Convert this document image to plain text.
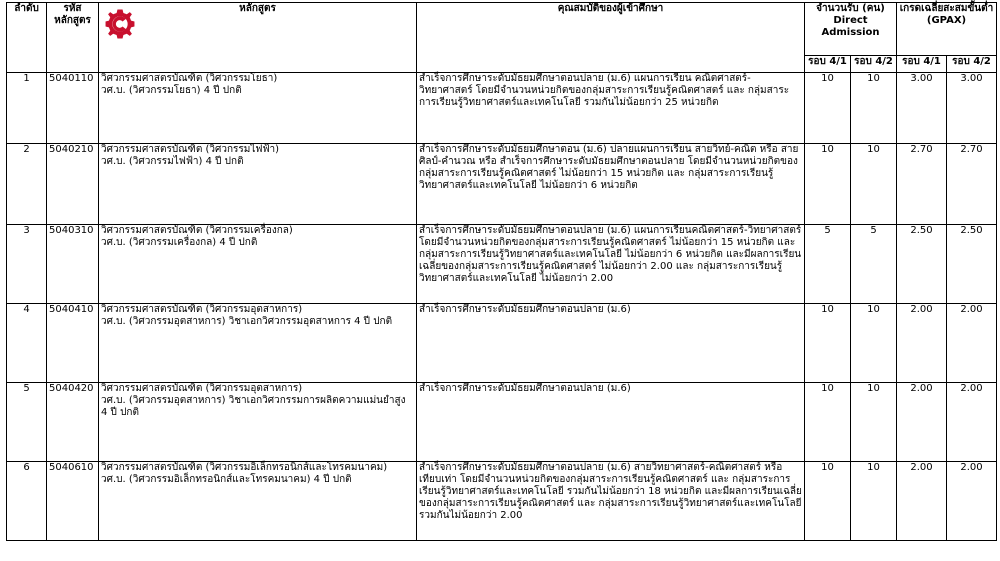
ลำดับ	รหัสหลักสูตร	หลักสูตร	คุณสมบัติของผู้เข้าศึกษา	จำนวนรับ (คน) Direct Admission		เกรดเฉลี่ยสะสมขั้นต่ำ (GPAX)	
				รอบ 4/1	รอบ 4/2	รอบ 4/1	รอบ 4/2
1	5040110	วิศวกรรมศาสตรบัณฑิต (วิศวกรรมโยธา)
วศ.บ. (วิศวกรรมโยธา) 4 ปี ปกติ	สำเร็จการศึกษาระดับมัธยมศึกษาตอนปลาย (ม.6) แผนการเรียน คณิตศาสตร์-วิทยาศาสตร์ โดยมีจำนวนหน่วยกิตของกลุ่มสาระการเรียนรู้คณิตศาสตร์ และ กลุ่มสาระการเรียนรู้วิทยาศาสตร์และเทคโนโลยี รวมกันไม่น้อยกว่า 25 หน่วยกิต	10	10	3.00	3.00
2	5040210	วิศวกรรมศาสตรบัณฑิต (วิศวกรรมไฟฟ้า)
วศ.บ. (วิศวกรรมไฟฟ้า) 4 ปี ปกติ	สำเร็จการศึกษาระดับมัธยมศึกษาตอน (ม.6) ปลายแผนการเรียน สายวิทย์-คณิต หรือ สายศิลป์-คำนวณ หรือ สำเร็จการศึกษาระดับมัธยมศึกษาตอนปลาย โดยมีจำนวนหน่วยกิตของกลุ่มสาระการเรียนรู้คณิตศาสตร์ ไม่น้อยกว่า 15 หน่วยกิต และ กลุ่มสาระการเรียนรู้วิทยาศาสตร์และเทคโนโลยี ไม่น้อยกว่า 6 หน่วยกิต	10	10	2.70	2.70
3	5040310	วิศวกรรมศาสตรบัณฑิต (วิศวกรรมเครื่องกล)
วศ.บ. (วิศวกรรมเครื่องกล) 4 ปี ปกติ	สำเร็จการศึกษาระดับมัธยมศึกษาตอนปลาย (ม.6) แผนการเรียนคณิตศาสตร์-วิทยาศาสตร์ โดยมีจำนวนหน่วยกิตของกลุ่มสาระการเรียนรู้คณิตศาสตร์ ไม่น้อยกว่า 15 หน่วยกิต และ กลุ่มสาระการเรียนรู้วิทยาศาสตร์และเทคโนโลยี ไม่น้อยกว่า 6 หน่วยกิต และมีผลการเรียนเฉลี่ยของกลุ่มสาระการเรียนรู้คณิตศาสตร์ ไม่น้อยกว่า 2.00 และ กลุ่มสาระการเรียนรู้วิทยาศาสตร์และเทคโนโลยี ไม่น้อยกว่า 2.00	5	5	2.50	2.50
4	5040410	วิศวกรรมศาสตรบัณฑิต (วิศวกรรมอุตสาหการ)
วศ.บ. (วิศวกรรมอุตสาหการ) วิชาเอกวิศวกรรมอุตสาหการ 4 ปี ปกติ	สำเร็จการศึกษาระดับมัธยมศึกษาตอนปลาย (ม.6)	10	10	2.00	2.00
5	5040420	วิศวกรรมศาสตรบัณฑิต (วิศวกรรมอุตสาหการ)
วศ.บ. (วิศวกรรมอุตสาหการ) วิชาเอกวิศวกรรมการผลิตความแม่นยำสูง 4 ปี ปกติ	สำเร็จการศึกษาระดับมัธยมศึกษาตอนปลาย (ม.6)	10	10	2.00	2.00
6	5040610	วิศวกรรมศาสตรบัณฑิต (วิศวกรรมอิเล็กทรอนิกส์และโทรคมนาคม)
วศ.บ. (วิศวกรรมอิเล็กทรอนิกส์และโทรคมนาคม) 4 ปี ปกติ	สำเร็จการศึกษาระดับมัธยมศึกษาตอนปลาย (ม.6) สายวิทยาศาสตร์-คณิตศาสตร์ หรือเทียบเท่า โดยมีจำนวนหน่วยกิตของกลุ่มสาระการเรียนรู้คณิตศาสตร์ และ กลุ่มสาระการเรียนรู้วิทยาศาสตร์และเทคโนโลยี รวมกันไม่น้อยกว่า 18 หน่วยกิต และมีผลการเรียนเฉลี่ยของกลุ่มสาระการเรียนรู้คณิตศาสตร์ และ กลุ่มสาระการเรียนรู้วิทยาศาสตร์และเทคโนโลยี รวมกันไม่น้อยกว่า 2.00	10	10	2.00	2.00
